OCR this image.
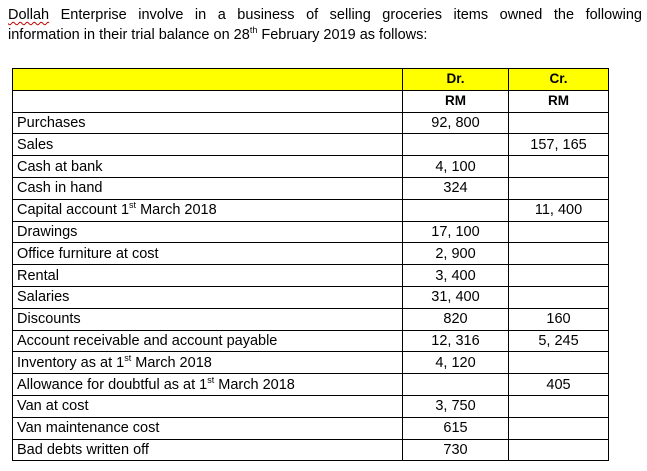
Dollah Enterprise involve in a business of selling groceries items owned the following
information in their trial balance on 28th February 2019 as follows:

	Dr.	Cr.
	RM	RM
Purchases	92, 800	
Sales		157, 165
Cash at bank	4, 100	
Cash in hand	324	
Capital account 1st March 2018		11, 400
Drawings	17, 100	
Office furniture at cost	2, 900	
Rental	3, 400	
Salaries	31, 400	
Discounts	820	160
Account receivable and account payable	12, 316	5, 245
Inventory as at 1st March 2018	4, 120	
Allowance for doubtful as at 1st March 2018		405
Van at cost	3, 750	
Van maintenance cost	615	
Bad debts written off	730	
